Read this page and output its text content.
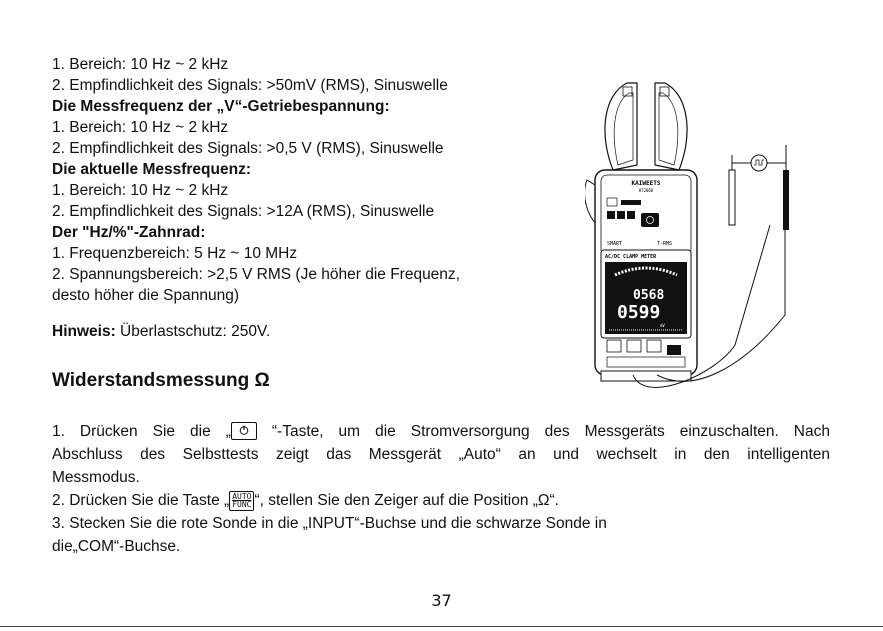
1. Bereich: 10 Hz ~ 2 kHz
2. Empfindlichkeit des Signals: >50mV (RMS), Sinuswelle
Die Messfrequenz der „V“-Getriebespannung:
1. Bereich: 10 Hz ~ 2 kHz
2. Empfindlichkeit des Signals: >0,5 V (RMS), Sinuswelle
Die aktuelle Messfrequenz:
1. Bereich: 10 Hz ~ 2 kHz
2. Empfindlichkeit des Signals: >12A (RMS), Sinuswelle
Der "Hz/%"-Zahnrad:
1. Frequenzbereich: 5 Hz ~ 10 MHz
2. Spannungsbereich: >2,5 V RMS (Je höher die Frequenz,
desto höher die Spannung)
Hinweis: Überlastschutz: 250V.
Widerstandsmessung Ω
1. Drücken Sie die „	“-Taste, um die Stromversorgung des Messgeräts einzuschalten. Nach
Abschluss des Selbsttests zeigt das Messgerät „Auto“ an und wechselt in den intelligenten
Messmodus.
2. Drücken Sie die Taste „ AUTO
FUNC “, stellen Sie den Zeiger auf die Position „Ω“.
3. Stecken Sie die rote Sonde in die „INPUT“-Buchse und die schwarze Sonde in
die„COM“-Buchse.
KAIWEETS
HT206D
SMART	T-RMS
AC/DC CLAMP METER
0568
0599
mV
37
